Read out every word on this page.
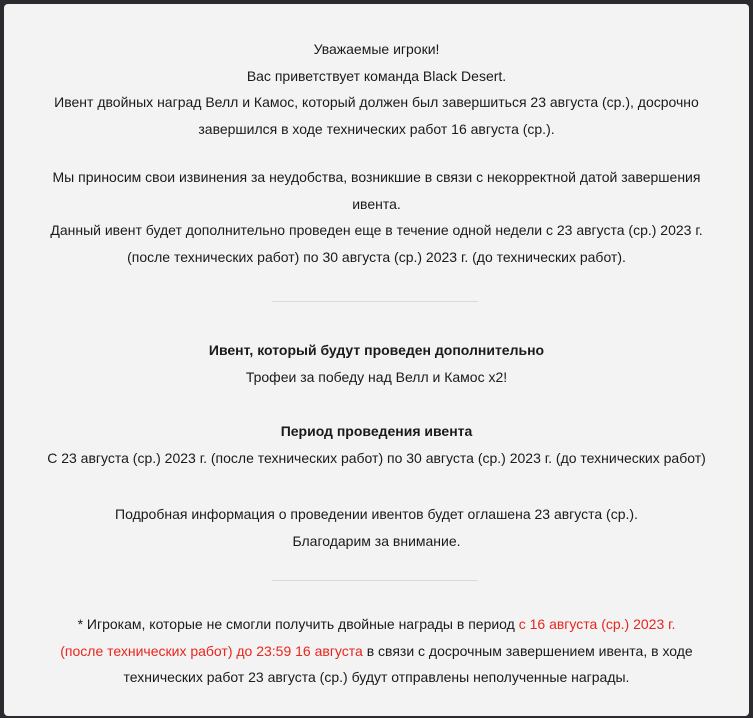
Уважаемые игроки!
Вас приветствует команда Black Desert.
Ивент двойных наград Велл и Камос, который должен был завершиться 23 августа (ср.), досрочно
завершился в ходе технических работ 16 августа (ср.).
Мы приносим свои извинения за неудобства, возникшие в связи с некорректной датой завершения
ивента.
Данный ивент будет дополнительно проведен еще в течение одной недели с 23 августа (ср.) 2023 г.
(после технических работ) по 30 августа (ср.) 2023 г. (до технических работ).
Ивент, который будут проведен дополнительно
Трофеи за победу над Велл и Камос x2!
Период проведения ивента
С 23 августа (ср.) 2023 г. (после технических работ) по 30 августа (ср.) 2023 г. (до технических работ)
Подробная информация о проведении ивентов будет оглашена 23 августа (ср.).
Благодарим за внимание.
* Игрокам, которые не смогли получить двойные награды в период с 16 августа (ср.) 2023 г.
(после технических работ) до 23:59 16 августа в связи с досрочным завершением ивента, в ходе
технических работ 23 августа (ср.) будут отправлены неполученные награды.
